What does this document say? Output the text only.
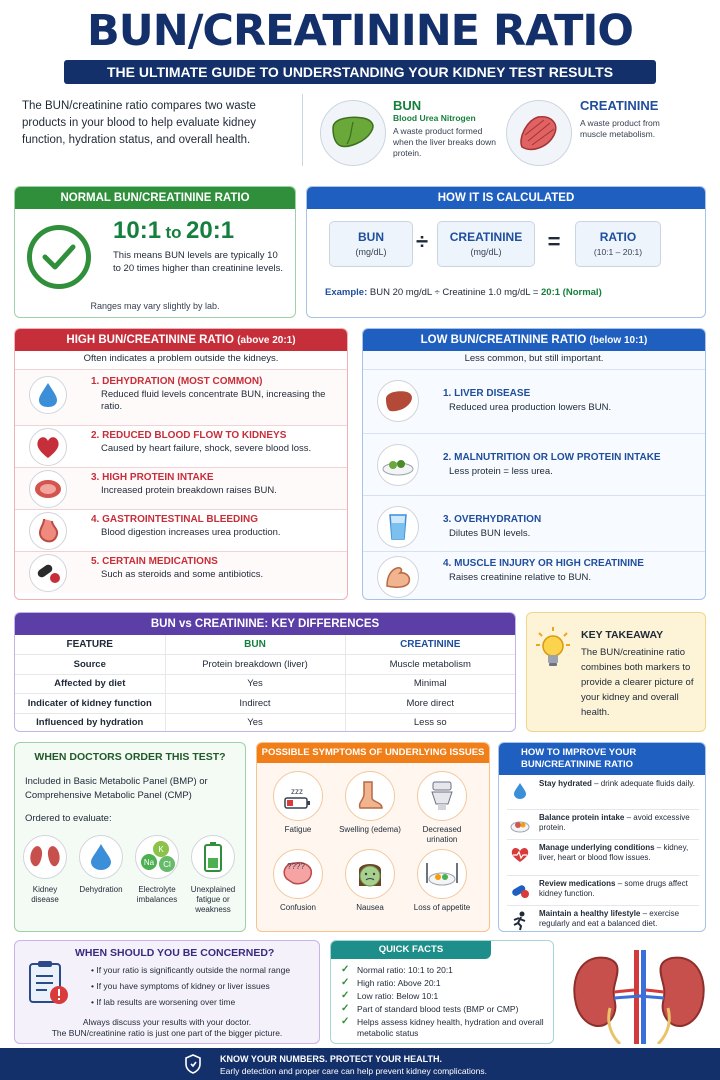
BUN/CREATININE RATIO
THE ULTIMATE GUIDE TO UNDERSTANDING YOUR KIDNEY TEST RESULTS
The BUN/creatinine ratio compares two waste products in your blood to help evaluate kidney function, hydration status, and overall health.
BUN
Blood Urea Nitrogen
A waste product formed when the liver breaks down protein.
CREATININE
A waste product from muscle metabolism.
NORMAL BUN/CREATININE RATIO
10:1 to 20:1
This means BUN levels are typically 10 to 20 times higher than creatinine levels.
Ranges may vary slightly by lab.
HOW IT IS CALCULATED
BUN
(mg/dL)	÷	CREATININE
(mg/dL)	=	RATIO
(10:1 – 20:1)
Example: BUN 20 mg/dL ÷ Creatinine 1.0 mg/dL = 20:1 (Normal)
HIGH BUN/CREATININE RATIO (above 20:1)
Often indicates a problem outside the kidneys.
1. DEHYDRATION (MOST COMMON)
Reduced fluid levels concentrate BUN, increasing the ratio.
2. REDUCED BLOOD FLOW TO KIDNEYS
Caused by heart failure, shock, severe blood loss.
3. HIGH PROTEIN INTAKE
Increased protein breakdown raises BUN.
4. GASTROINTESTINAL BLEEDING
Blood digestion increases urea production.
5. CERTAIN MEDICATIONS
Such as steroids and some antibiotics.
LOW BUN/CREATININE RATIO (below 10:1)
Less common, but still important.
1. LIVER DISEASE
Reduced urea production lowers BUN.
2. MALNUTRITION OR LOW PROTEIN INTAKE
Less protein = less urea.
3. OVERHYDRATION
Dilutes BUN levels.
4. MUSCLE INJURY OR HIGH CREATININE
Raises creatinine relative to BUN.
BUN vs CREATININE: KEY DIFFERENCES
FEATURE	BUN	CREATININE
Source	Protein breakdown (liver)	Muscle metabolism
Affected by diet	Yes	Minimal
Indicater of kidney function	Indirect	More direct
Influenced by hydration	Yes	Less so
KEY TAKEAWAY
The BUN/creatinine ratio combines both markers to provide a clearer picture of your kidney and overall health.
WHEN DOCTORS ORDER THIS TEST?
Included in Basic Metabolic Panel (BMP) or Comprehensive Metabolic Panel (CMP)
Ordered to evaluate:
K
Na Cl
Kidney disease
Dehydration	Electrolyte imbalances
Unexplained fatigue or weakness
POSSIBLE SYMPTOMS OF UNDERLYING ISSUES
zzz
Fatigue	Swelling (edema)	Decreased urination
????
Confusion	Nausea	Loss of appetite
HOW TO IMPROVE YOUR BUN/CREATININE RATIO
Stay hydrated – drink adequate fluids daily.
Balance protein intake – avoid excessive protein.
Manage underlying conditions – kidney, liver, heart or blood flow issues.
Review medications – some drugs affect kidney function.
Maintain a healthy lifestyle – exercise regularly and eat a balanced diet.
WHEN SHOULD YOU BE CONCERNED?
• If your ratio is significantly outside the normal range
• If you have symptoms of kidney or liver issues
• If lab results are worsening over time
Always discuss your results with your doctor.
The BUN/creatinine ratio is just one part of the bigger picture.
QUICK FACTS
✓ Normal ratio: 10:1 to 20:1
✓ High ratio: Above 20:1
✓ Low ratio: Below 10:1
✓ Part of standard blood tests (BMP or CMP)
✓ Helps assess kidney health, hydration and overall metabolic status
KNOW YOUR NUMBERS. PROTECT YOUR HEALTH.
Early detection and proper care can help prevent kidney complications.
